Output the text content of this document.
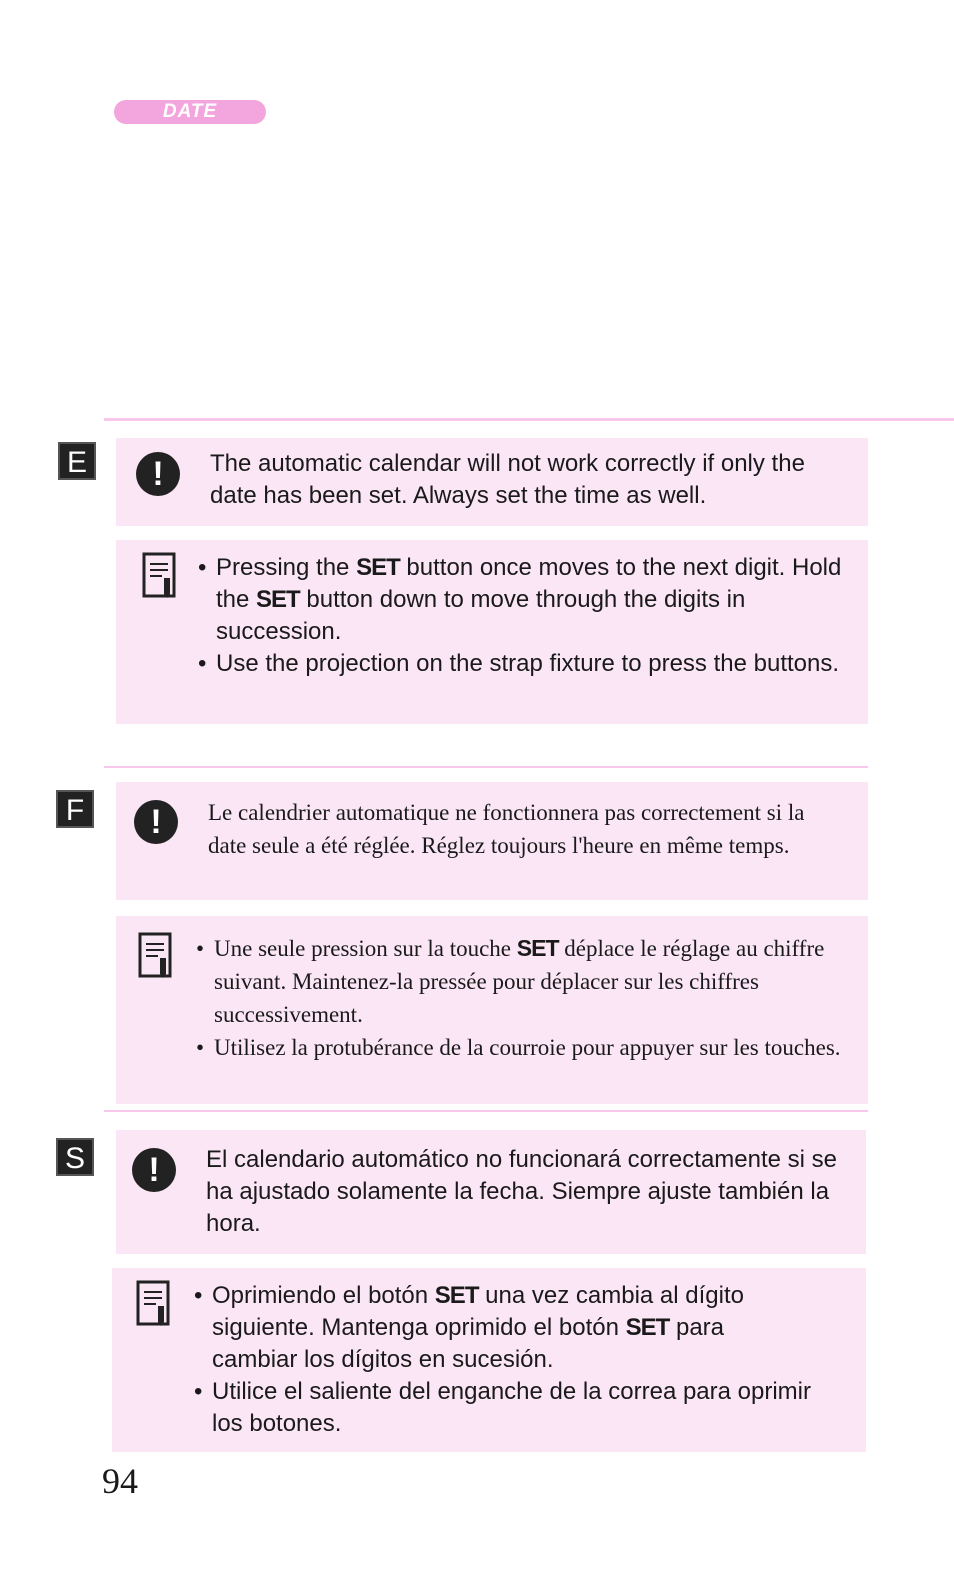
DATE
E	!	The automatic calendar will not work correctly if only the date has been set. Always set the time as well.
• Pressing the SET button once moves to the next digit. Hold the SET button down to move through the digits in succession.
• Use the projection on the strap fixture to press the buttons.
F	!	Le calendrier automatique ne fonctionnera pas correctement si la date seule a été réglée. Réglez toujours l'heure en même temps.
• Une seule pression sur la touche SET déplace le réglage au chiffre suivant. Maintenez-la pressée pour déplacer sur les chiffres successivement.
• Utilisez la protubérance de la courroie pour appuyer sur les touches.
S	!	El calendario automático no funcionará correctamente si se ha ajustado solamente la fecha. Siempre ajuste también la hora.
• Oprimiendo el botón SET una vez cambia al dígito siguiente. Mantenga oprimido el botón SET para cambiar los dígitos en sucesión.
• Utilice el saliente del enganche de la correa para oprimir los botones.
94
